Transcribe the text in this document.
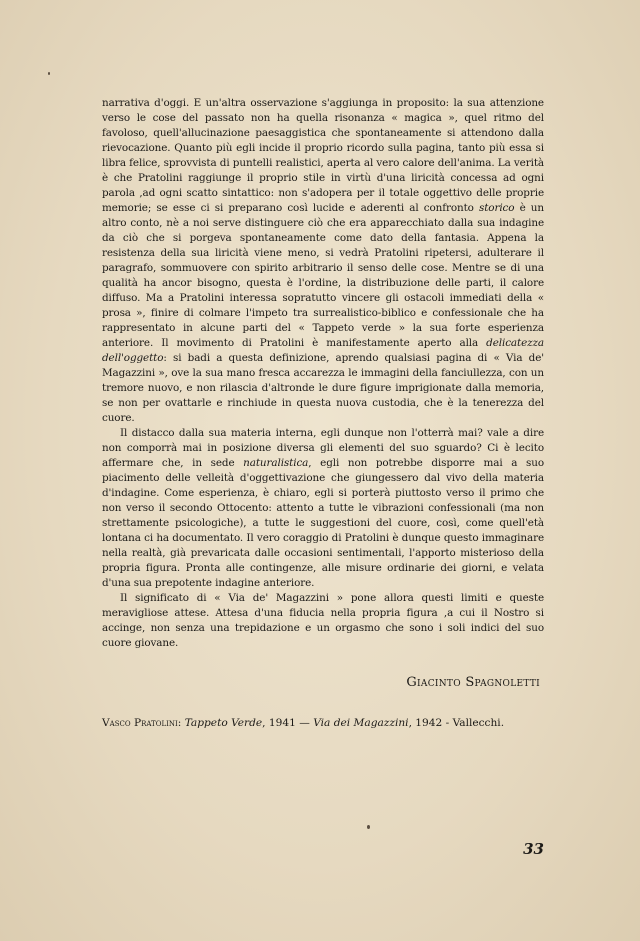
narrativa d'oggi. E un'altra osservazione s'aggiunga in proposito: la sua attenzione verso le cose del passato non ha quella risonanza « magica », quel ritmo del favoloso, quell'allucinazione paesaggistica che spontaneamente si attendono dalla rievocazione. Quanto più egli incide il proprio ricordo sulla pagina, tanto più essa si libra felice, sprovvista di puntelli realistici, aperta al vero calore dell'anima. La verità è che Pratolini raggiunge il proprio stile in virtù d'una liricità concessa ad ogni parola ,ad ogni scatto sintattico: non s'adopera per il totale oggettivo delle proprie memorie; se esse ci si preparano così lucide e aderenti al confronto storico è un altro conto, nè a noi serve distinguere ciò che era apparecchiato dalla sua indagine da ciò che si porgeva spontaneamente come dato della fantasia. Appena la resistenza della sua liricità viene meno, si vedrà Pratolini ripetersi, adulterare il paragrafo, sommuovere con spirito arbitrario il senso delle cose. Mentre se di una qualità ha ancor bisogno, questa è l'ordine, la distribuzione delle parti, il calore diffuso. Ma a Pratolini interessa sopratutto vincere gli ostacoli immediati della « prosa », finire di colmare l'impeto tra surrealistico-biblico e confessionale che ha rappresentato in alcune parti del « Tappeto verde » la sua forte esperienza anteriore. Il movimento di Pratolini è manifestamente aperto alla delicatezza dell'oggetto: si badi a questa definizione, aprendo qualsiasi pagina di « Via de' Magazzini », ove la sua mano fresca accarezza le immagini della fanciullezza, con un tremore nuovo, e non rilascia d'altronde le dure figure imprigionate dalla memoria, se non per ovattarle e rinchiude in questa nuova custodia, che è la tenerezza del cuore.

Il distacco dalla sua materia interna, egli dunque non l'otterrà mai? vale a dire non comporrà mai in posizione diversa gli elementi del suo sguardo? Ci è lecito affermare che, in sede naturalistica, egli non potrebbe disporre mai a suo piacimento delle velleità d'oggettivazione che giungessero dal vivo della materia d'indagine. Come esperienza, è chiaro, egli si porterà piuttosto verso il primo che non verso il secondo Ottocento: attento a tutte le vibrazioni confessionali (ma non strettamente psicologiche), a tutte le suggestioni del cuore, così, come quell'età lontana ci ha documentato. Il vero coraggio di Pratolini è dunque questo immaginare nella realtà, già prevaricata dalle occasioni sentimentali, l'apporto misterioso della propria figura. Pronta alle contingenze, alle misure ordinarie dei giorni, e velata d'una sua prepotente indagine anteriore.

Il significato di « Via de' Magazzini » pone allora questi limiti e queste meravigliose attese. Attesa d'una fiducia nella propria figura ,a cui il Nostro si accinge, non senza una trepidazione e un orgasmo che sono i soli indici del suo cuore giovane.

Giacinto Spagnoletti
Vasco Pratolini: Tappeto Verde, 1941 — Via dei Magazzini, 1942 - Vallecchi.
33
